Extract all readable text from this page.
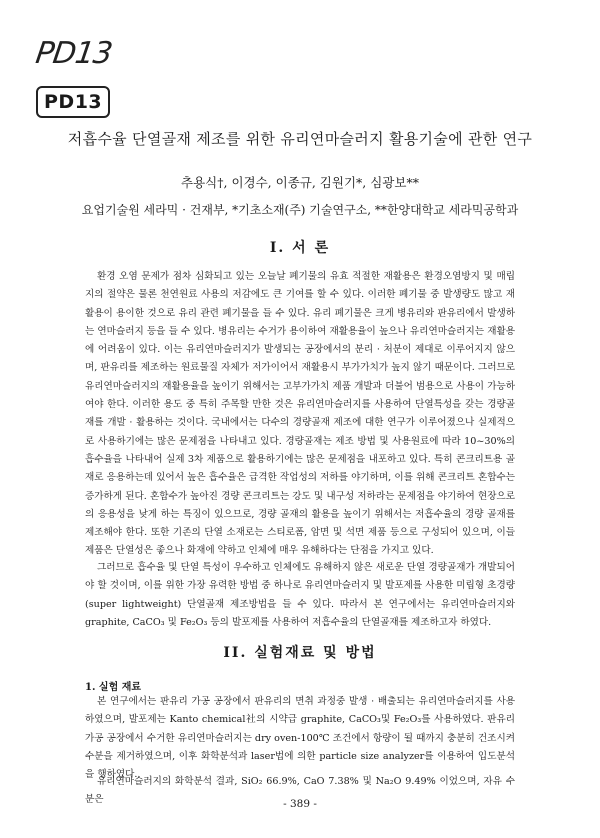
PD13
PD13
저흡수율 단열골재 제조를 위한 유리연마슬러지 활용기술에 관한 연구
추용식†, 이경수, 이종규, 김원기*, 심광보**
요업기술원 세라믹 · 건재부, *기초소재(주) 기술연구소, **한양대학교 세라믹공학과
I. 서 론

환경 오염 문제가 점차 심화되고 있는 오늘날 폐기물의 유효 적절한 재활용은 환경오염방지 및 매립지의 절약은 물론 천연원료 사용의 저감에도 큰 기여를 할 수 있다. 이러한 폐기물 중 발생량도 많고 재활용이 용이한 것으로 유리 관련 폐기물을 들 수 있다. 유리 폐기물은 크게 병유리와 판유리에서 발생하는 연마슬러지 등을 들 수 있다. 병유리는 수거가 용이하여 재활용율이 높으나 유리연마슬러지는 재활용에 어려움이 있다. 이는 유리연마슬러지가 발생되는 공장에서의 분리 · 처분이 제대로 이루어지지 않으며, 판유리를 제조하는 원료물질 자체가 저가이어서 재활용시 부가가치가 높지 않기 때문이다. 그러므로 유리연마슬러지의 재활용율을 높이기 위해서는 고부가가치 제품 개발과 더불어 범용으로 사용이 가능하여야 한다. 이러한 용도 중 특히 주목할 만한 것은 유리연마슬러지를 사용하여 단열특성을 갖는 경량골재를 개발 · 활용하는 것이다. 국내에서는 다수의 경량골재 제조에 대한 연구가 이루어졌으나 실제적으로 사용하기에는 많은 문제점을 나타내고 있다. 경량골재는 제조 방법 및 사용원료에 따라 10~30%의 흡수율을 나타내어 실제 3차 제품으로 활용하기에는 많은 문제점을 내포하고 있다. 특히 콘크리트용 골재로 응용하는데 있어서 높은 흡수율은 급격한 작업성의 저하를 야기하며, 이를 위해 콘크리트 혼합수는 증가하게 된다. 혼합수가 높아진 경량 콘크리트는 강도 및 내구성 저하라는 문제점을 야기하여 현장으로의 응용성을 낮게 하는 특징이 있으므로, 경량 골재의 활용을 높이기 위해서는 저흡수율의 경량 골재를 제조해야 한다. 또한 기존의 단열 소재로는 스티로폼, 암면 및 석면 제품 등으로 구성되어 있으며, 이들 제품은 단열성은 좋으나 화재에 약하고 인체에 매우 유해하다는 단점을 가지고 있다.

그러므로 흡수율 및 단열 특성이 우수하고 인체에도 유해하지 않은 새로운 단열 경량골재가 개발되어야 할 것이며, 이를 위한 가장 유력한 방법 중 하나로 유리연마슬러지 및 발포제를 사용한 미립형 초경량(super lightweight) 단열골재 제조방법을 들 수 있다. 따라서 본 연구에서는 유리연마슬러지와 graphite, CaCO₃ 및 Fe₂O₃ 등의 발포제를 사용하여 저흡수율의 단열골재를 제조하고자 하였다.

II. 실험재료 및 방법
1. 실험 재료

본 연구에서는 판유리 가공 공장에서 판유리의 면취 과정중 발생 · 배출되는 유리연마슬러지를 사용하였으며, 발포제는 Kanto chemical社의 시약급 graphite, CaCO₃및 Fe₂O₃를 사용하였다. 판유리 가공 공장에서 수거한 유리연마슬러지는 dry oven-100℃ 조건에서 항량이 될 때까지 충분히 건조시켜 수분을 제거하였으며, 이후 화학분석과 laser법에 의한 particle size analyzer를 이용하여 입도분석을 행하였다.

유리연마슬러지의 화학분석 결과, SiO₂ 66.9%, CaO 7.38% 및 Na₂O 9.49% 이었으며, 자유 수분은	- 389 -
